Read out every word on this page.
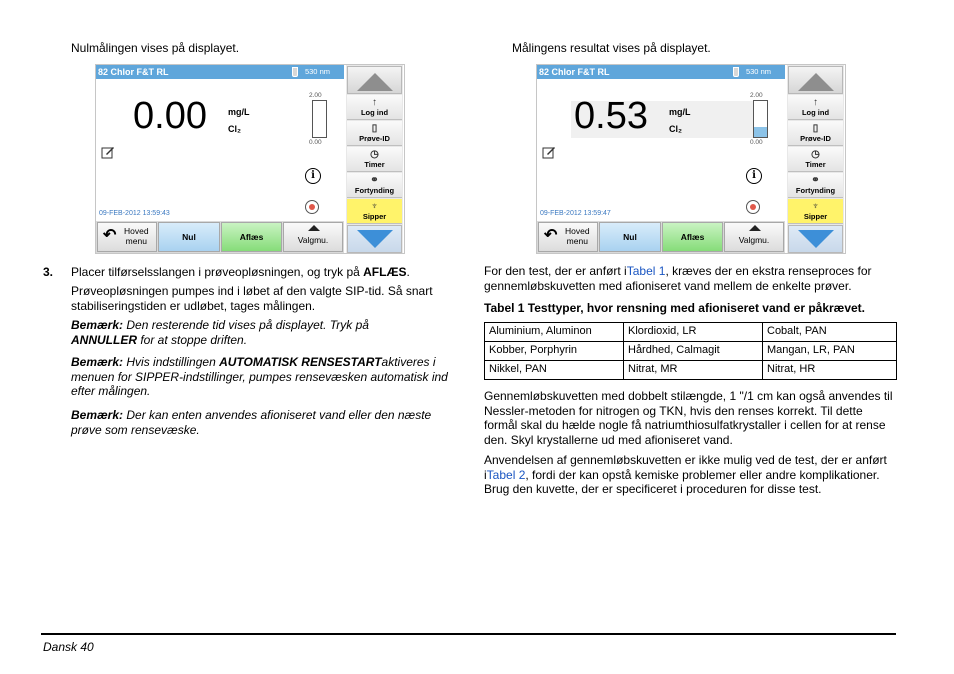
Nulmålingen vises på displayet.
82 Chlor F&T RL	530 nm
0.00 mg/L
Cl₂
2.00
0.00
i
09-FEB-2012 13:59:43
↑
Log ind
▯
Prøve-ID
◷
Timer
⚭
Fortynding
♆
Sipper
↶ Hoved
menu	Nul	Aflæs	Valgmu.
3. Placer tilførselsslangen i prøveopløsningen, og tryk på AFLÆS.
Prøveopløsningen pumpes ind i løbet af den valgte SIP-tid. Så snart stabiliseringstiden er udløbet, tages målingen.
Bemærk: Den resterende tid vises på displayet. Tryk på ANNULLER for at stoppe driften.
Bemærk: Hvis indstillingen AUTOMATISK RENSESTARTaktiveres i menuen for SIPPER-indstillinger, pumpes rensevæsken automatisk ind efter målingen.
Bemærk: Der kan enten anvendes afioniseret vand eller den næste prøve som rensevæske.
Målingens resultat vises på displayet.
82 Chlor F&T RL	530 nm
0.53 mg/L
Cl₂
2.00
0.00
i
09-FEB-2012 13:59:47
↑
Log ind
▯
Prøve-ID
◷
Timer
⚭
Fortynding
♆
Sipper
↶ Hoved
menu	Nul	Aflæs	Valgmu.
For den test, der er anført iTabel 1, kræves der en ekstra renseproces for gennemløbskuvetten med afioniseret vand mellem de enkelte prøver.
Tabel 1 Testtyper, hvor rensning med afioniseret vand er påkrævet.
Aluminium, Aluminon	Klordioxid, LR	Cobalt, PAN
Kobber, Porphyrin	Hårdhed, Calmagit	Mangan, LR, PAN
Nikkel, PAN	Nitrat, MR	Nitrat, HR
Gennemløbskuvetten med dobbelt stilængde, 1 "/1 cm kan også anvendes til Nessler-metoden for nitrogen og TKN, hvis den renses korrekt. Til dette formål skal du hælde nogle få natriumthiosulfatkrystaller i cellen for at rense den. Skyl krystallerne ud med afioniseret vand.
Anvendelsen af gennemløbskuvetten er ikke mulig ved de test, der er anført iTabel 2, fordi der kan opstå kemiske problemer eller andre komplikationer. Brug den kuvette, der er specificeret i proceduren for disse test.
Dansk 40
